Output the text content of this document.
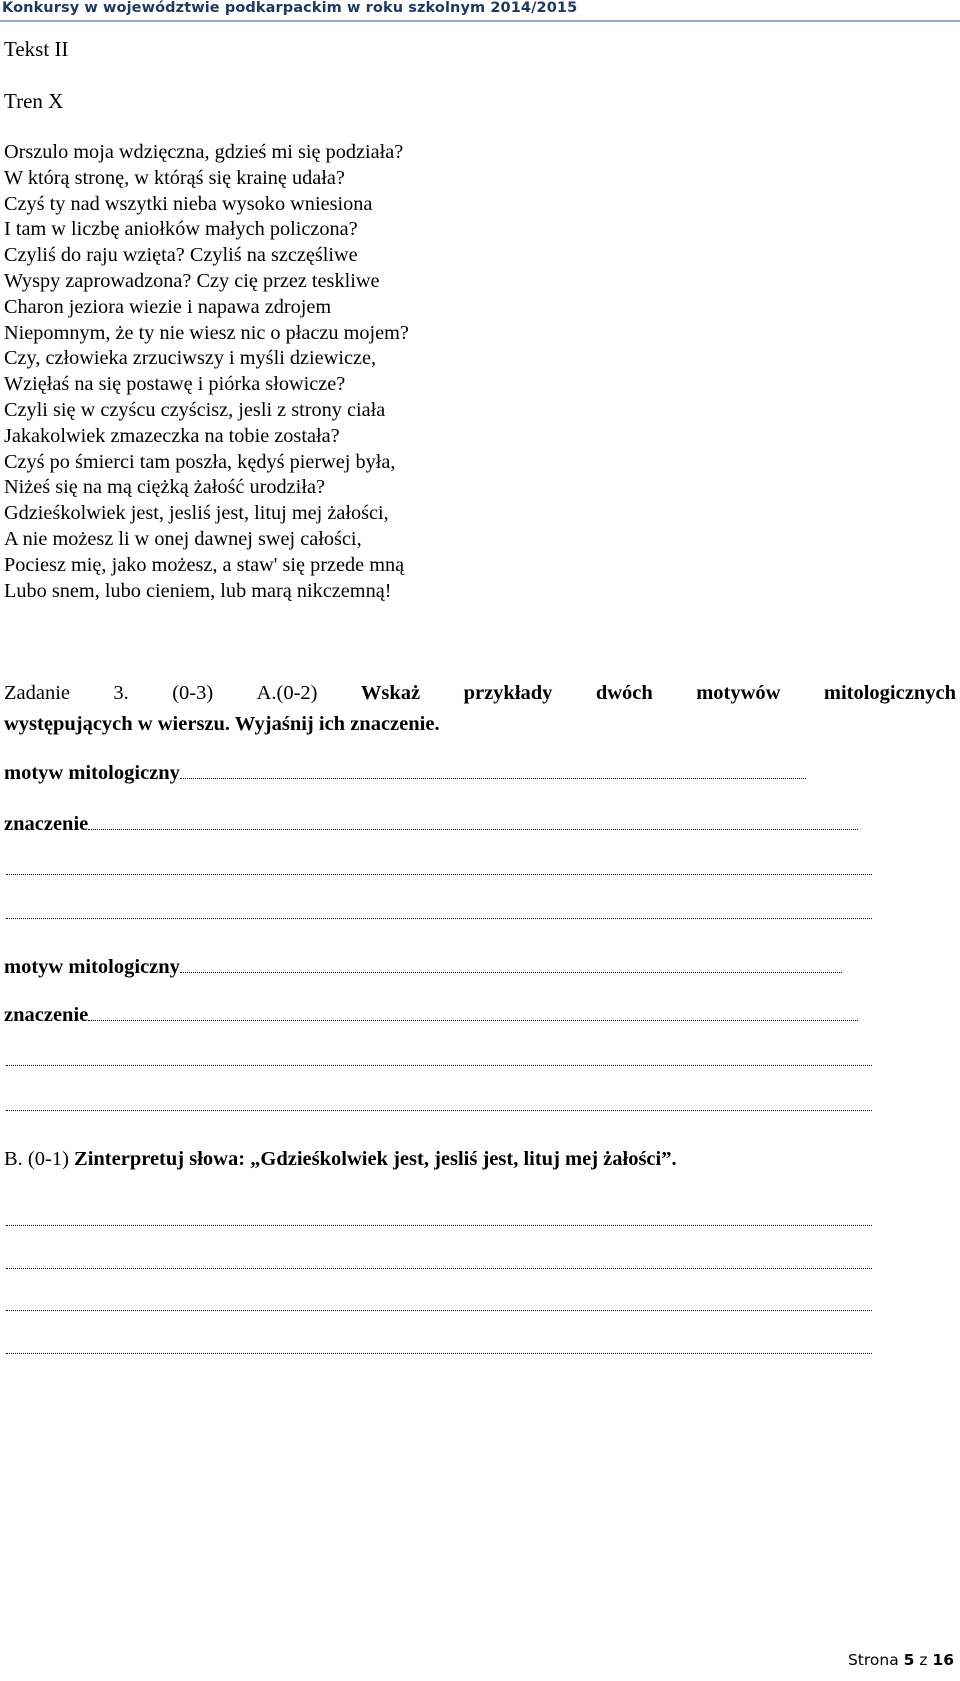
Konkursy w województwie podkarpackim w roku szkolnym 2014/2015
Tekst II
Tren X
Orszulo moja wdzięczna, gdzieś mi się podziała?
W którą stronę, w którąś się krainę udała?
Czyś ty nad wszytki nieba wysoko wniesiona
I tam w liczbę aniołków małych policzona?
Czyliś do raju wzięta? Czyliś na szczęśliwe
Wyspy zaprowadzona? Czy cię przez teskliwe
Charon jeziora wiezie i napawa zdrojem
Niepomnym, że ty nie wiesz nic o płaczu mojem?
Czy, człowieka zrzuciwszy i myśli dziewicze,
Wzięłaś na się postawę i piórka słowicze?
Czyli się w czyścu czyścisz, jesli z strony ciała
Jakakolwiek zmazeczka na tobie została?
Czyś po śmierci tam poszła, kędyś pierwej była,
Niżeś się na mą ciężką żałość urodziła?
Gdzieśkolwiek jest, jesliś jest, lituj mej żałości,
A nie możesz li w onej dawnej swej całości,
Pociesz mię, jako możesz, a staw' się przede mną
Lubo snem, lubo cieniem, lub marą nikczemną!
Zadanie 3. (0-3) A.(0-2) Wskaż przykłady dwóch motywów mitologicznych
występujących w wierszu. Wyjaśnij ich znaczenie.
motyw mitologiczny
znaczenie
motyw mitologiczny
znaczenie
B. (0-1) Zinterpretuj słowa: „Gdzieśkolwiek jest, jesliś jest, lituj mej żałości”.
Strona 5 z 16
